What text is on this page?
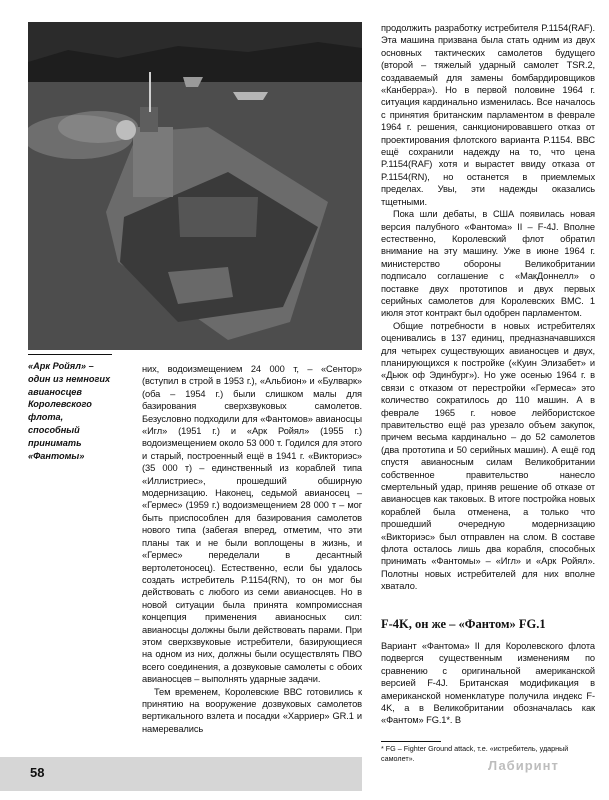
«Арк Ройял» – один из немногих авианосцев Королевского флота, способный принимать «Фантомы»

них, водоизмещением 24 000 т, – «Сентор» (вступил в строй в 1953 г.), «Альбион» и «Булварк» (оба – 1954 г.) были слишком малы для базирования сверхзвуковых самолетов. Безусловно подходили для «Фантомов» авианосцы «Игл» (1951 г.) и «Арк Ройял» (1955 г.) водоизмещением около 53 000 т. Годился для этого и старый, построенный ещё в 1941 г. «Викториэс» (35 000 т) – единственный из кораблей типа «Иллистриес», прошедший обширную модернизацию. Наконец, седьмой авианосец – «Гермес» (1959 г.) водоизмещением 28 000 т – мог быть приспособлен для базирования самолетов нового типа (забегая вперед, отметим, что эти планы так и не были воплощены в жизнь, и «Гермес» переделали в десантный вертолетоносец). Естественно, если бы удалось создать истребитель P.1154(RN), то он мог бы действовать с любого из семи авианосцев. Но в новой ситуации была принята компромиссная концепция применения авианосных сил: авианосцы должны были действовать парами. При этом сверхзвуковые истребители, базирующиеся на одном из них, должны были осуществлять ПВО всего соединения, а дозвуковые самолеты с обоих авианосцев – выполнять ударные задачи.

Тем временем, Королевские ВВС готовились к принятию на вооружение дозвуковых самолетов вертикального взлета и посадки «Харриер» GR.1 и намеревались

продолжить разработку истребителя P.1154(RAF). Эта машина призвана была стать одним из двух основных тактических самолетов будущего (второй – тяжелый ударный самолет TSR.2, создаваемый для замены бомбардировщиков «Канберра»). Но в первой половине 1964 г. ситуация кардинально изменилась. Все началось с принятия британским парламентом в феврале 1964 г. решения, санкционировавшего отказ от проектирования флотского варианта P.1154. ВВС ещё сохранили надежду на то, что цена P.1154(RAF) хотя и вырастет ввиду отказа от P.1154(RN), но останется в приемлемых пределах. Увы, эти надежды оказались тщетными.

Пока шли дебаты, в США появилась новая версия палубного «Фантома» II – F-4J. Вполне естественно, Королевский флот обратил внимание на эту машину. Уже в июне 1964 г. министерство обороны Великобритании подписало соглашение с «МакДоннелл» о поставке двух прототипов и двух первых серийных самолетов для Королевских ВМС. 1 июля этот контракт был одобрен парламентом.

Общие потребности в новых истребителях оценивались в 137 единиц, предназначавшихся для четырех существующих авианосцев и двух, планирующихся к постройке («Куин Элизабет» и «Дьюк оф Эдинбург»). Но уже осенью 1964 г. в связи с отказом от перестройки «Гермеса» это количество сократилось до 110 машин. А в феврале 1965 г. новое лейбористское правительство ещё раз урезало объем закупок, причем весьма кардинально – до 52 самолетов (два прототипа и 50 серийных машин). А ещё год спустя авианосным силам Великобритании собственное правительство нанесло смертельный удар, приняв решение об отказе от авианосцев как таковых. В итоге постройка новых кораблей была отменена, а только что прошедший очередную модернизацию «Викториэс» был отправлен на слом. В составе флота осталось лишь два корабля, способных принимать «Фантомы» – «Игл» и «Арк Ройял». Полотны новых истребителей для них вполне хватало.

F-4K, он же – «Фантом» FG.1

Вариант «Фантома» II для Королевского флота подвергся существенным изменениям по сравнению с оригинальной американской версией F-4J. Британская модификация в американской номенклатуре получила индекс F-4K, а в Великобритании обозначалась как «Фантом» FG.1*. В

* FG – Fighter Ground attack, т.е. «истребитель, ударный самолет».
58	Лабиринт
